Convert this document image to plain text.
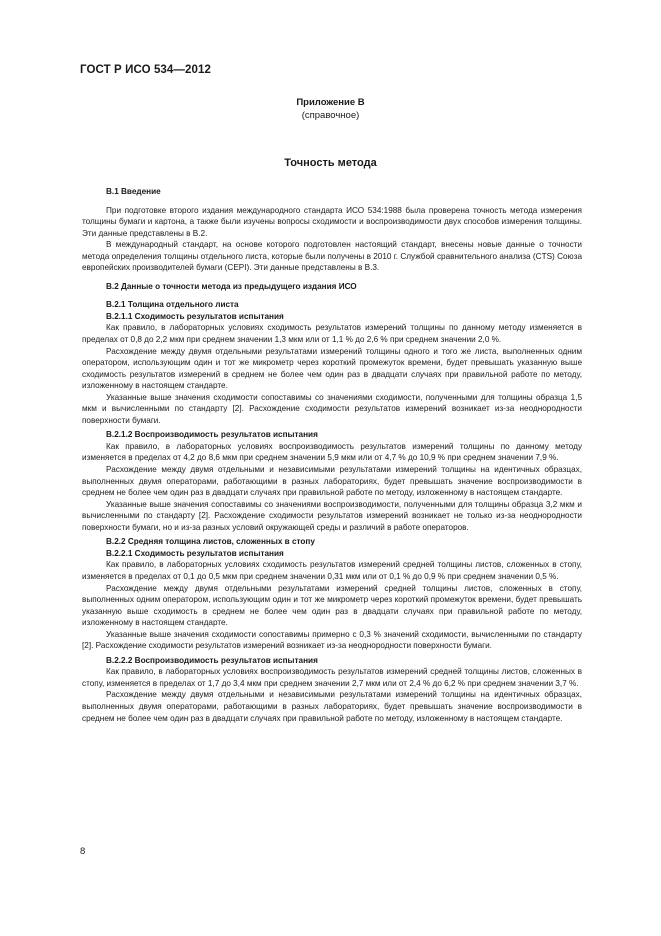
ГОСТ Р ИСО 534—2012
Приложение В
(справочное)
Точность метода
В.1 Введение

При подготовке второго издания международного стандарта ИСО 534:1988 была проверена точность метода измерения толщины бумаги и картона, а также были изучены вопросы сходимости и воспроизводимости двух способов измерения толщины. Эти данные представлены в В.2.

В международный стандарт, на основе которого подготовлен настоящий стандарт, внесены новые данные о точности метода определения толщины отдельного листа, которые были получены в 2010 г. Службой сравнительного анализа (CTS) Союза европейских производителей бумаги (CEPI). Эти данные представлены в В.3.

В.2 Данные о точности метода из предыдущего издания ИСО
В.2.1 Толщина отдельного листа
В.2.1.1 Сходимость результатов испытания

Как правило, в лабораторных условиях сходимость результатов измерений толщины по данному методу изменяется в пределах от 0,8 до 2,2 мкм при среднем значении 1,3 мкм или от 1,1 % до 2,6 % при среднем значении 2,0 %.

Расхождение между двумя отдельными результатами измерений толщины одного и того же листа, выполненных одним оператором, использующим один и тот же микрометр через короткий промежуток времени, будет превышать указанную выше сходимость результатов измерений в среднем не более чем один раз в двадцати случаях при правильной работе по методу, изложенному в настоящем стандарте.

Указанные выше значения сходимости сопоставимы со значениями сходимости, полученными для толщины образца 1,5 мкм и вычисленными по стандарту [2]. Расхождение сходимости результатов измерений возникает из-за неоднородности поверхности бумаги.

В.2.1.2 Воспроизводимость результатов испытания

Как правило, в лабораторных условиях воспроизводимость результатов измерений толщины по данному методу изменяется в пределах от 4,2 до 8,6 мкм при среднем значении 5,9 мкм или от 4,7 % до 10,9 % при среднем значении 7,9 %.

Расхождение между двумя отдельными и независимыми результатами измерений толщины на идентичных образцах, выполненных двумя операторами, работающими в разных лабораториях, будет превышать значение воспроизводимости в среднем не более чем один раз в двадцати случаях при правильной работе по методу, изложенному в настоящем стандарте.

Указанные выше значения сопоставимы со значениями воспроизводимости, полученными для толщины образца 3,2 мкм и вычисленными по стандарту [2]. Расхождение сходимости результатов измерений возникает не только из-за неоднородности поверхности бумаги, но и из-за разных условий окружающей среды и различий в работе операторов.

В.2.2 Средняя толщина листов, сложенных в стопу
В.2.2.1 Сходимость результатов испытания

Как правило, в лабораторных условиях сходимость результатов измерений средней толщины листов, сложенных в стопу, изменяется в пределах от 0,1 до 0,5 мкм при среднем значении 0,31 мкм или от 0,1 % до 0,9 % при среднем значении 0,5 %.

Расхождение между двумя отдельными результатами измерений средней толщины листов, сложенных в стопу, выполненных одним оператором, использующим один и тот же микрометр через короткий промежуток времени, будет превышать указанную выше сходимость в среднем не более чем один раз в двадцати случаях при правильной работе по методу, изложенному в настоящем стандарте.

Указанные выше значения сходимости сопоставимы примерно с 0,3 % значений сходимости, вычисленными по стандарту [2]. Расхождение сходимости результатов измерений возникает из-за неоднородности поверхности бумаги.

В.2.2.2 Воспроизводимость результатов испытания

Как правило, в лабораторных условиях воспроизводимость результатов измерений средней толщины листов, сложенных в стопу, изменяется в пределах от 1,7 до 3,4 мкм при среднем значении 2,7 мкм или от 2,4 % до 6,2 % при среднем значении 3,7 %.

Расхождение между двумя отдельными и независимыми результатами измерений толщины на идентичных образцах, выполненных двумя операторами, работающими в разных лабораториях, будет превышать значение воспроизводимости в среднем не более чем один раз в двадцати случаях при правильной работе по методу, изложенному в настоящем стандарте.

8
